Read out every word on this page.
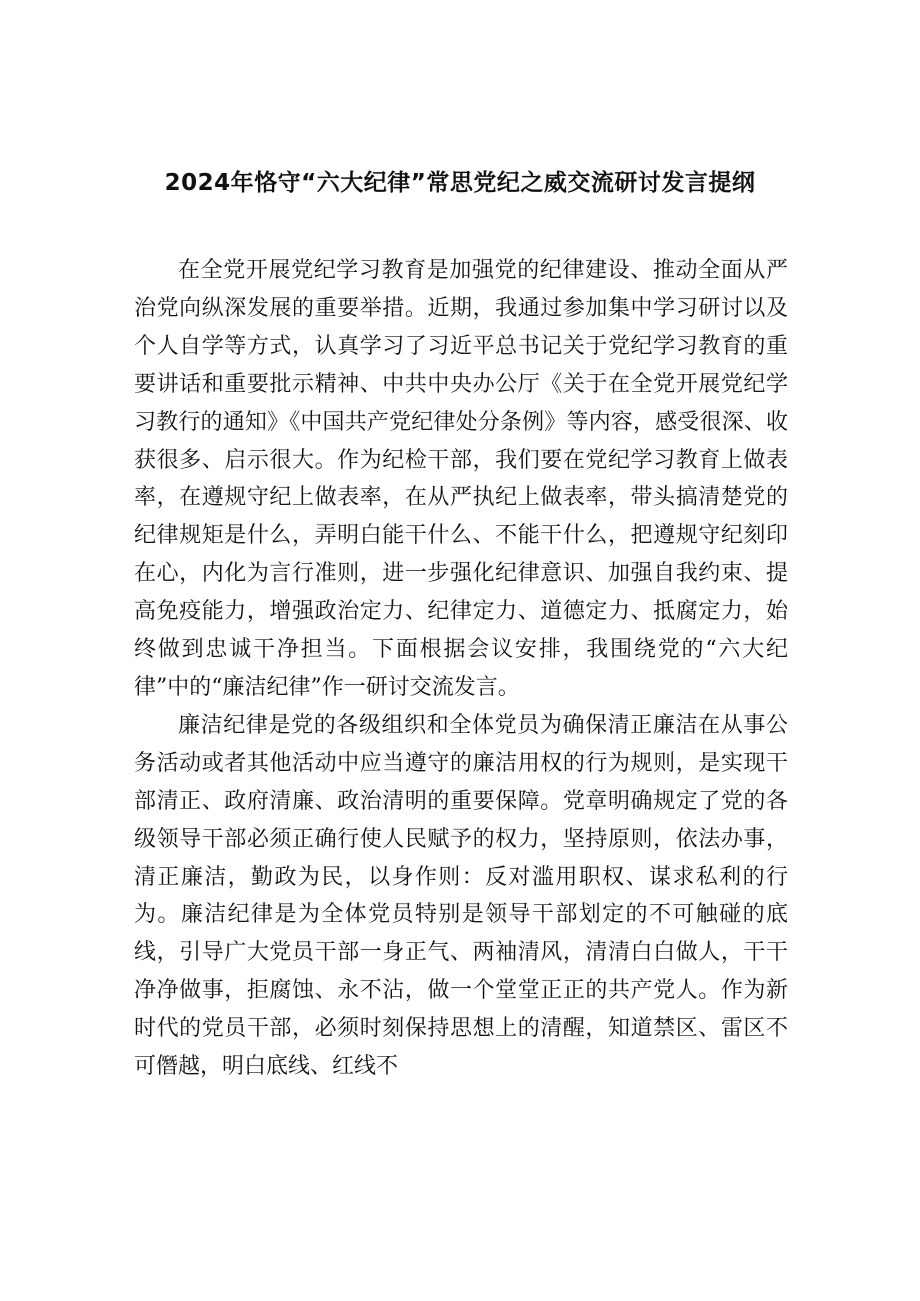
2024年恪守“六大纪律”常思党纪之威交流研讨发言提纲

在全党开展党纪学习教育是加强党的纪律建设、推动全面从严治党向纵深发展的重要举措。近期，我通过参加集中学习研讨以及个人自学等方式，认真学习了习近平总书记关于党纪学习教育的重要讲话和重要批示精神、中共中央办公厅《关于在全党开展党纪学习教行的通知》《中国共产党纪律处分条例》等内容，感受很深、收获很多、启示很大。作为纪检干部，我们要在党纪学习教育上做表率，在遵规守纪上做表率，在从严执纪上做表率，带头搞清楚党的纪律规矩是什么，弄明白能干什么、不能干什么，把遵规守纪刻印在心，内化为言行准则，进一步强化纪律意识、加强自我约束、提高免疫能力，增强政治定力、纪律定力、道德定力、抵腐定力，始终做到忠诚干净担当。下面根据会议安排，我围绕党的“六大纪律”中的“廉洁纪律”作一研讨交流发言。

廉洁纪律是党的各级组织和全体党员为确保清正廉洁在从事公务活动或者其他活动中应当遵守的廉洁用权的行为规则，是实现干部清正、政府清廉、政治清明的重要保障。党章明确规定了党的各级领导干部必须正确行使人民赋予的权力，坚持原则，依法办事，清正廉洁，勤政为民，以身作则：反对滥用职权、谋求私利的行为。廉洁纪律是为全体党员特别是领导干部划定的不可触碰的底线，引导广大党员干部一身正气、两袖清风，清清白白做人，干干净净做事，拒腐蚀、永不沾，做一个堂堂正正的共产党人。作为新时代的党员干部，必须时刻保持思想上的清醒，知道禁区、雷区不可僭越，明白底线、红线不
